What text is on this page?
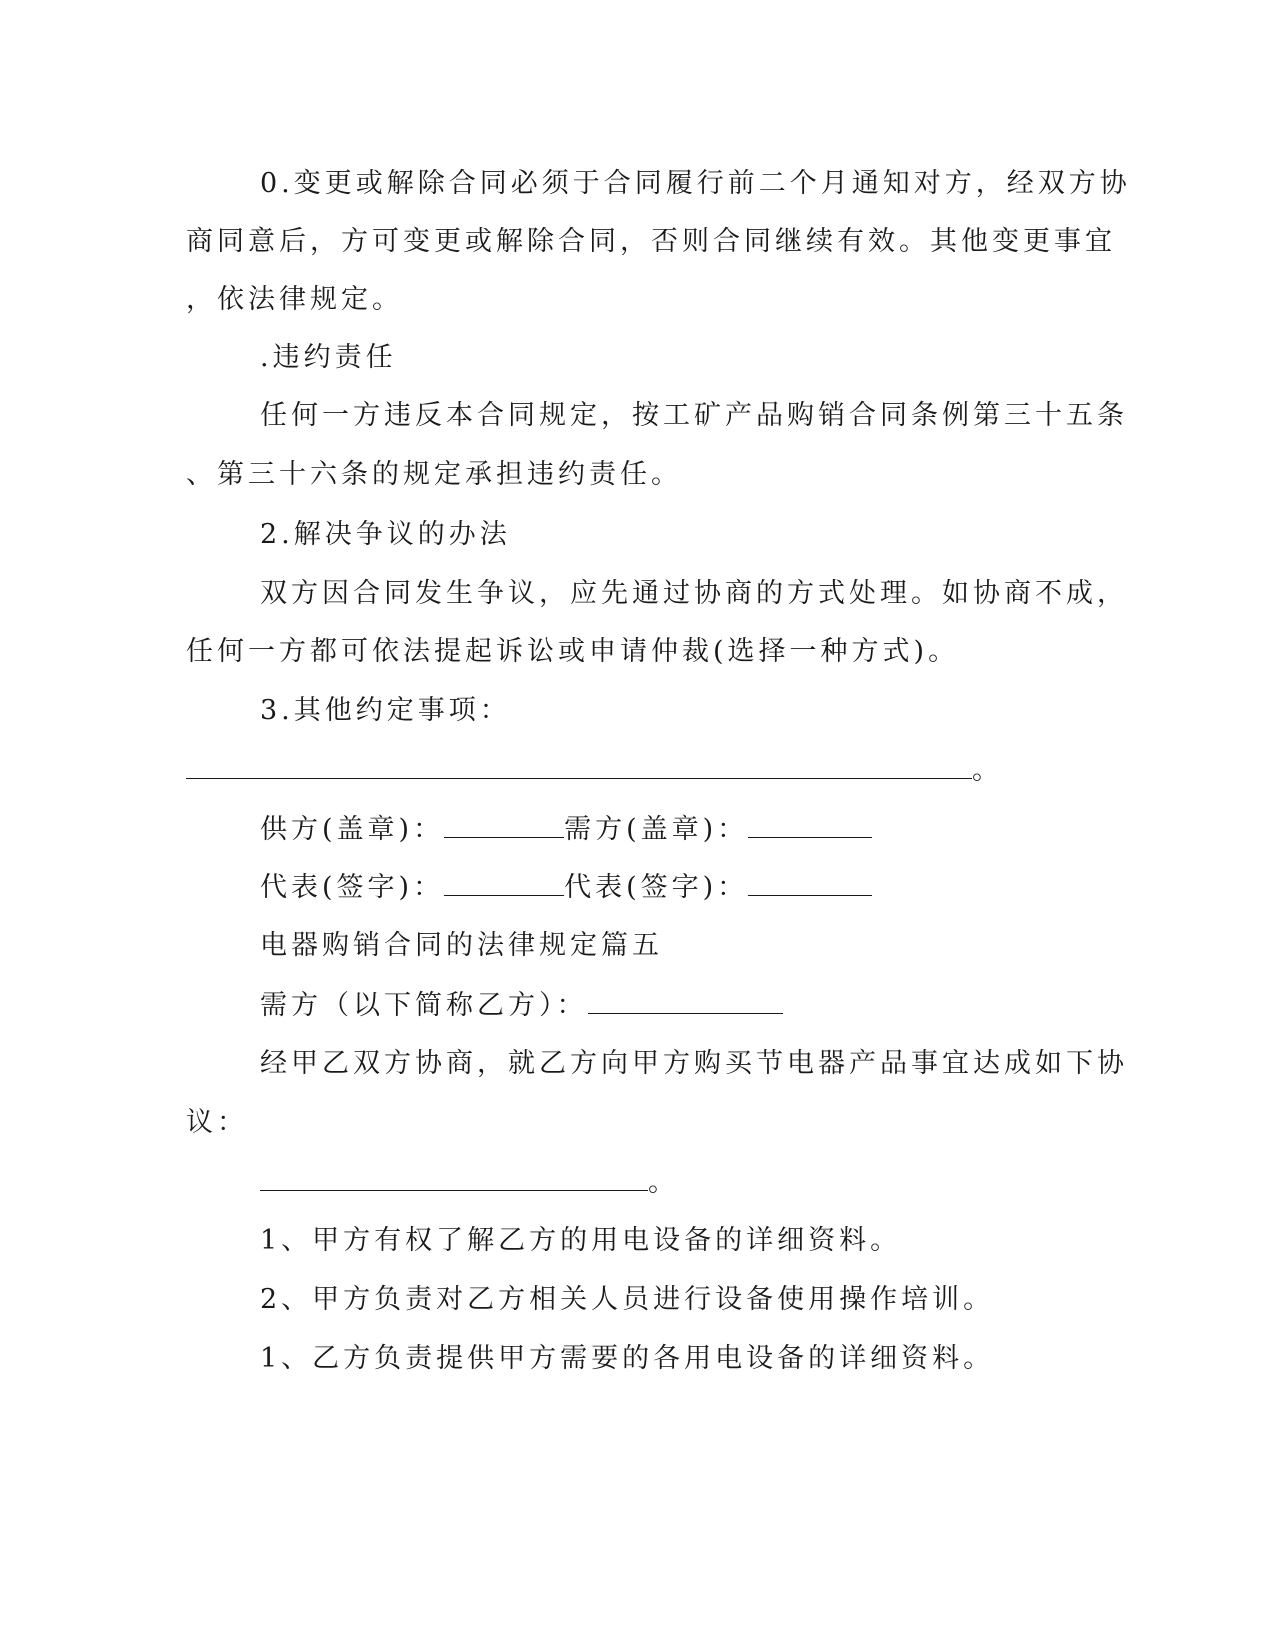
0.变更或解除合同必须于合同履行前二个月通知对方，经双方协
商同意后，方可变更或解除合同，否则合同继续有效。其他变更事宜
，依法律规定。
.违约责任
任何一方违反本合同规定，按工矿产品购销合同条例第三十五条
、第三十六条的规定承担违约责任。
2.解决争议的办法
双方因合同发生争议，应先通过协商的方式处理。如协商不成，
任何一方都可依法提起诉讼或申请仲裁(选择一种方式)。
3.其他约定事项：
。
供方(盖章)：	需方(盖章)：
代表(签字)：	代表(签字)：
电器购销合同的法律规定篇五
需方（以下简称乙方）：
经甲乙双方协商，就乙方向甲方购买节电器产品事宜达成如下协
议：
。
1、甲方有权了解乙方的用电设备的详细资料。
2、甲方负责对乙方相关人员进行设备使用操作培训。
1、乙方负责提供甲方需要的各用电设备的详细资料。
